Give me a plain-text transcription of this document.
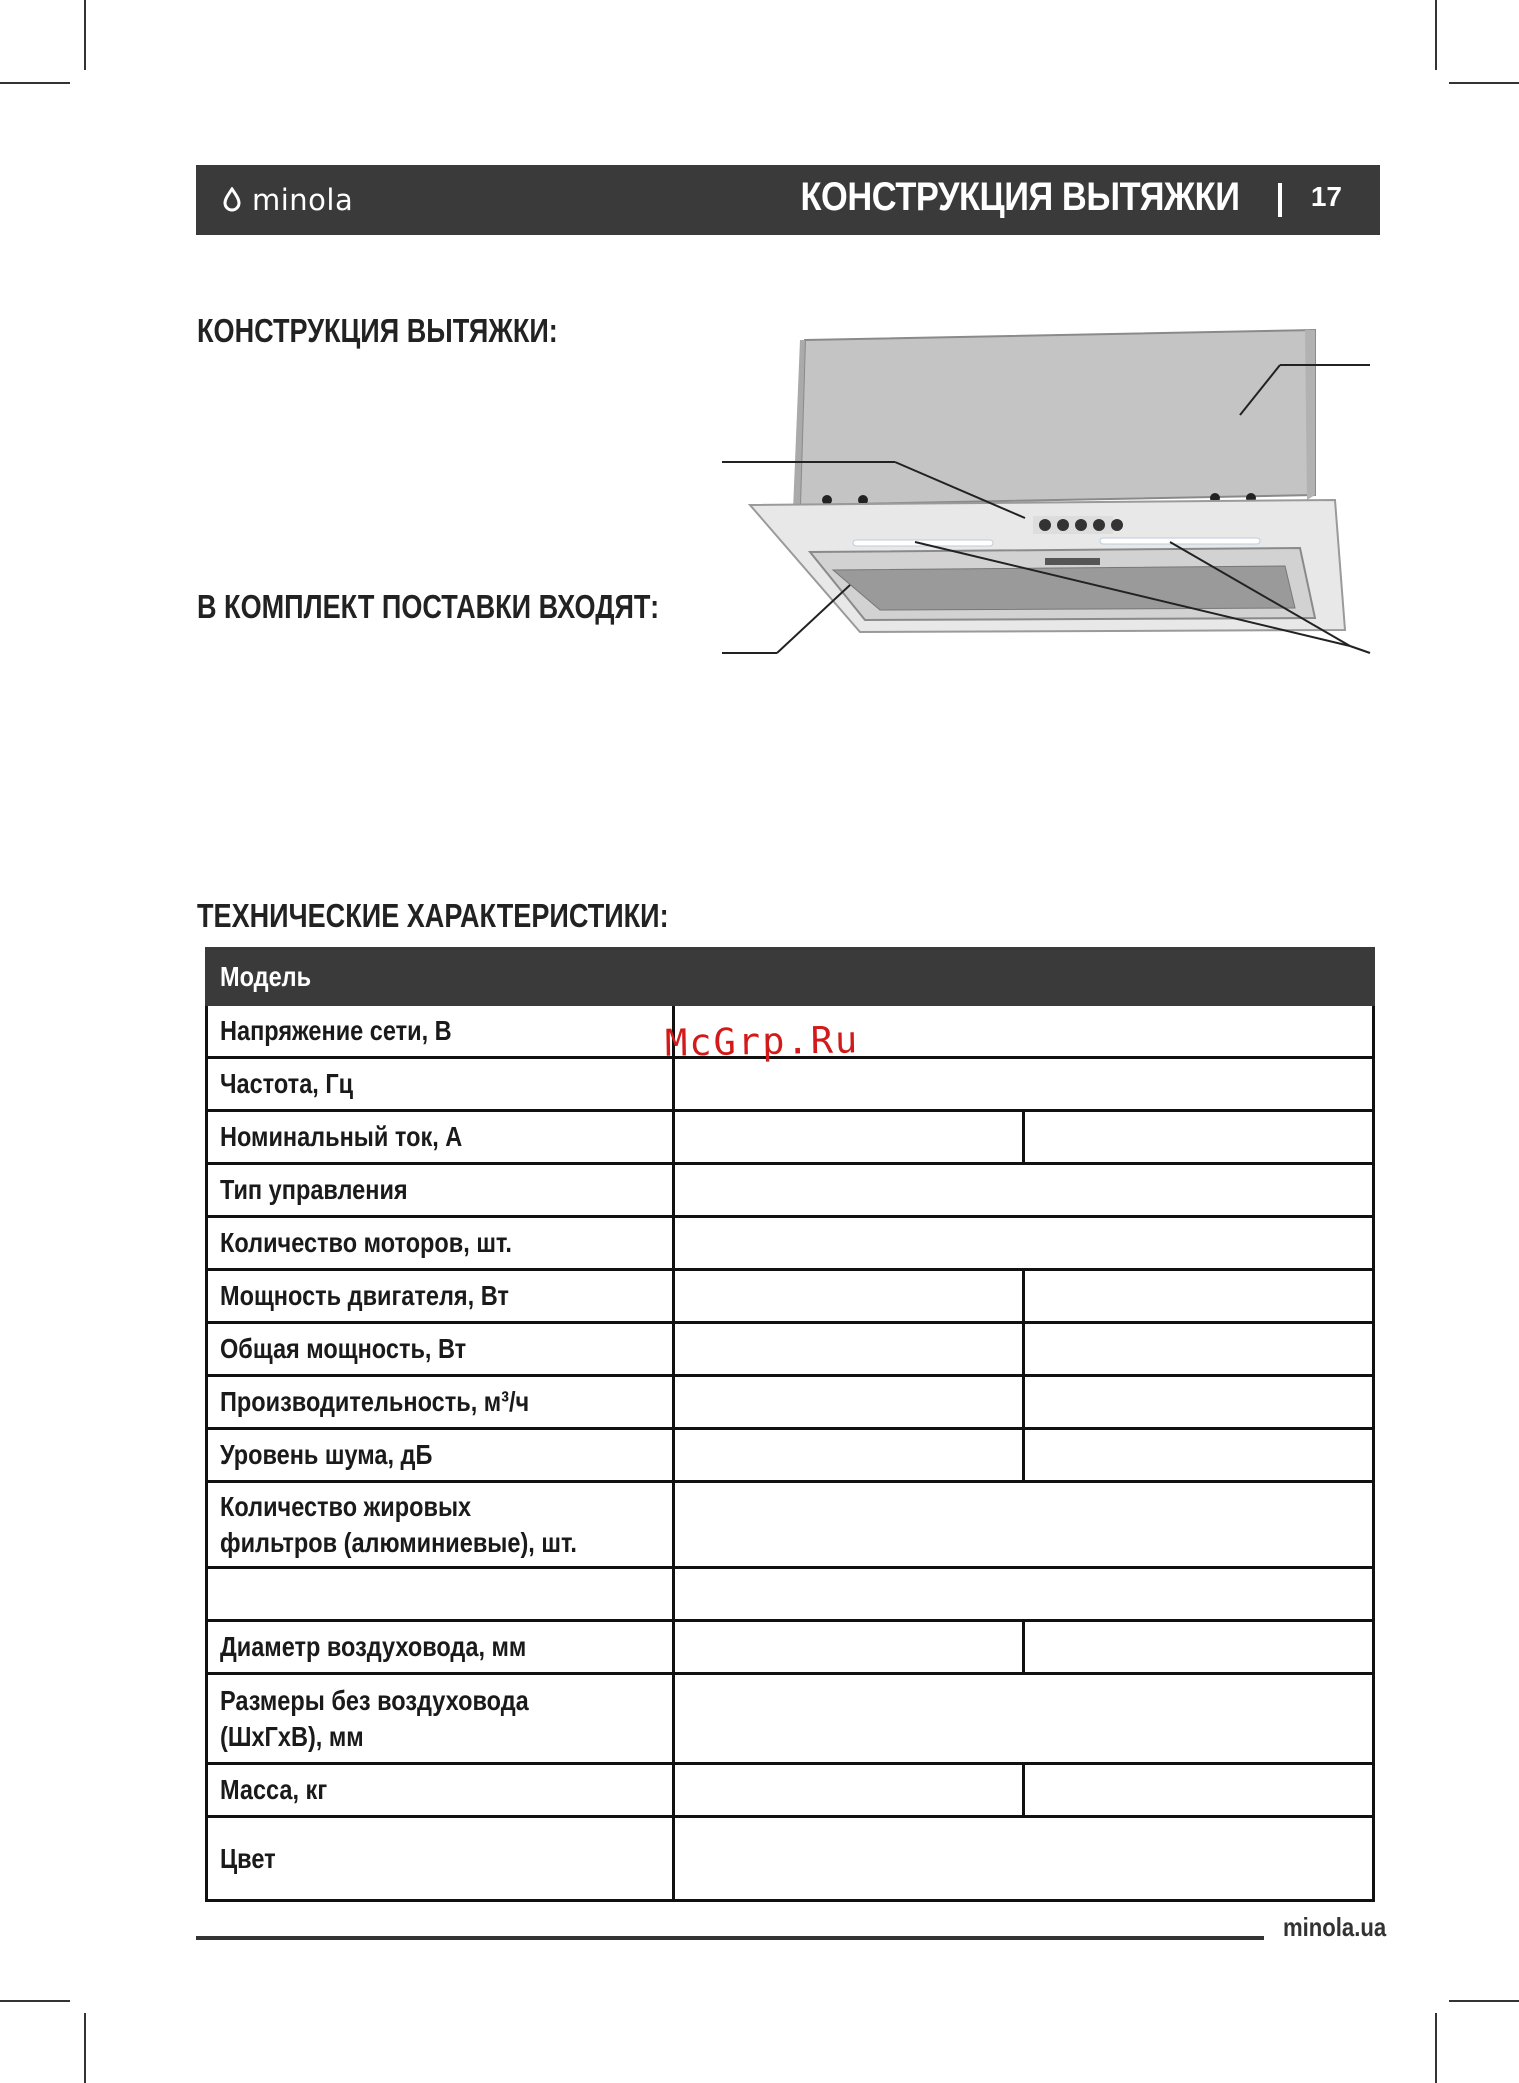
minola	КОНСТРУКЦИЯ ВЫТЯЖКИ	17
КОНСТРУКЦИЯ ВЫТЯЖКИ:
В КОМПЛЕКТ ПОСТАВКИ ВХОДЯТ:
ТЕХНИЧЕСКИЕ ХАРАКТЕРИСТИКИ:
Модель		
Напряжение сети, В		
Частота, Гц		
Номинальный ток, А		
Тип управления		
Количество моторов, шт.		
Мощность двигателя, Вт		
Общая мощность, Вт		
Производительность, м³/ч		
Уровень шума, дБ		
Количество жировых фильтров (алюминиевые), шт.		

Диаметр воздуховода, мм		
Размеры без воздуховода (ШхГхВ), мм		
Масса, кг		
Цвет		
McGrp.Ru
minola.ua
